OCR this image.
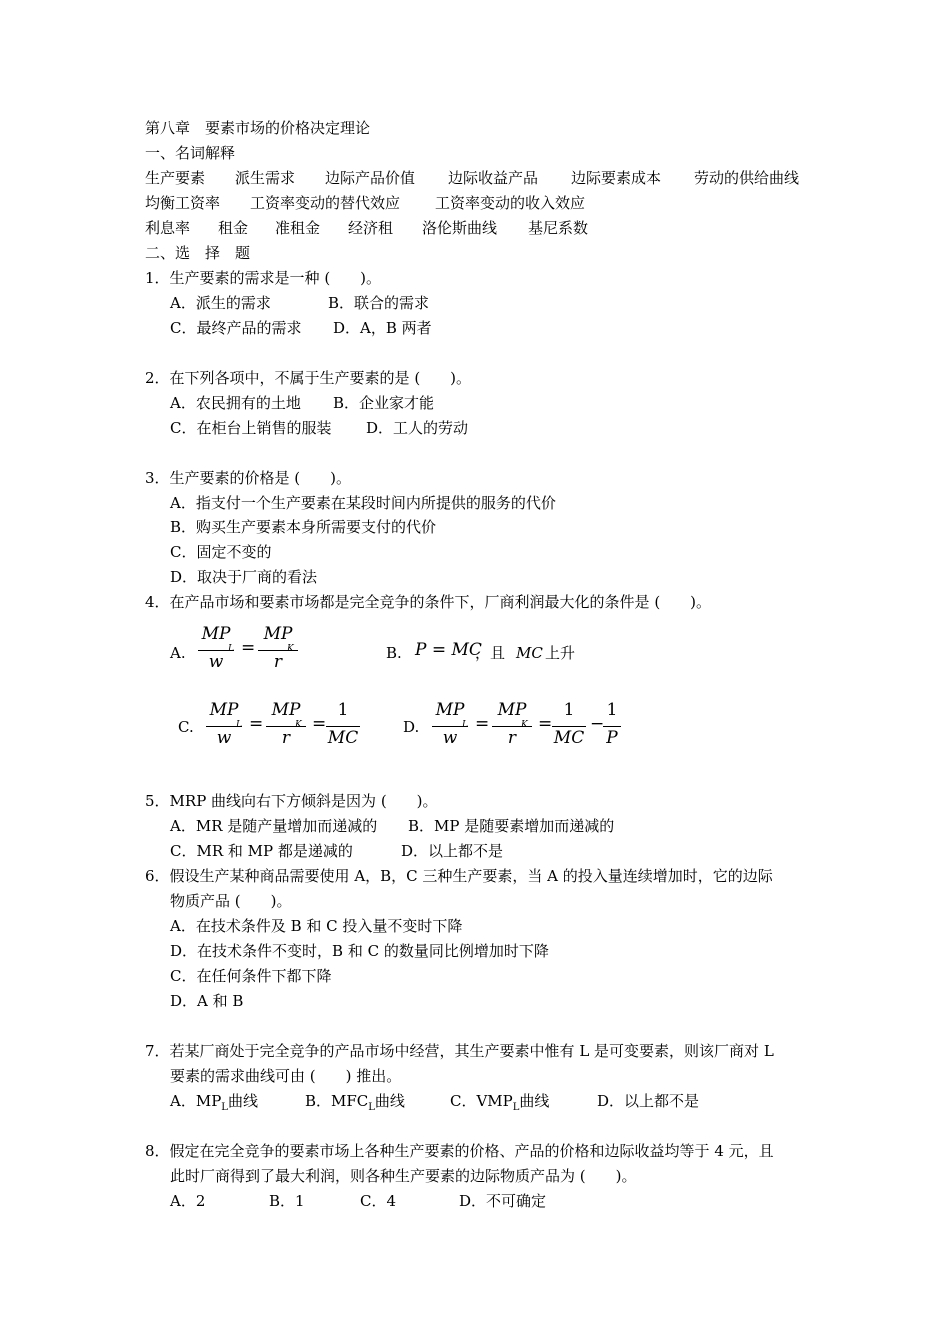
第八章　要素市场的价格决定理论
一、名词解释
生产要素 派生需求 边际产品价值 边际收益产品 边际要素成本 劳动的供给曲线
均衡工资率 工资率变动的替代效应 工资率变动的收入效应
利息率 租金 准租金 经济租 洛伦斯曲线 基尼系数
二、选　择　题
1．生产要素的需求是一种 (　　)。
A．派生的需求	B．联合的需求
C．最终产品的需求 D．A，B 两者
2．在下列各项中，不属于生产要素的是 (　　)。
A．农民拥有的土地 B．企业家才能
C．在柜台上销售的服装 D．工人的劳动
3．生产要素的价格是 (　　)。
A．指支付一个生产要素在某段时间内所提供的服务的代价
B．购买生产要素本身所需要支付的代价
C．固定不变的
D．取决于厂商的看法
4．在产品市场和要素市场都是完全竞争的条件下，厂商利润最大化的条件是 (　　)。
A.
MP
L
w
=
MP
K
r	B. P = MC
，且 MC 上升
C.
MP
L
w
=
MP
K
r
=
1
MC
D.
MP
L
w
=
MP
K
r
=
1
MC
−
1
P
5．MRP 曲线向右下方倾斜是因为 (　　)。
A．MR 是随产量增加而递减的 B．MP 是随要素增加而递减的
C．MR 和 MP 都是递减的	D．以上都不是
6．假设生产某种商品需要使用 A，B，C 三种生产要素，当 A 的投入量连续增加时，它的边际
物质产品 (　　)。
A．在技术条件及 B 和 C 投入量不变时下降
D．在技术条件不变时，B 和 C 的数量同比例增加时下降
C．在任何条件下都下降
D．A 和 B
7．若某厂商处于完全竞争的产品市场中经营，其生产要素中惟有 L 是可变要素，则该厂商对 L
要素的需求曲线可由 (　　) 推出。
A．$MP_L$曲线	B．$MFC_L$曲线	C．$VMP_L$曲线	D．以上都不是
8．假定在完全竞争的要素市场上各种生产要素的价格、产品的价格和边际收益均等于 4 元，且
此时厂商得到了最大利润，则各种生产要素的边际物质产品为 (　　)。
A．2	B．1	C．4	D．不可确定
